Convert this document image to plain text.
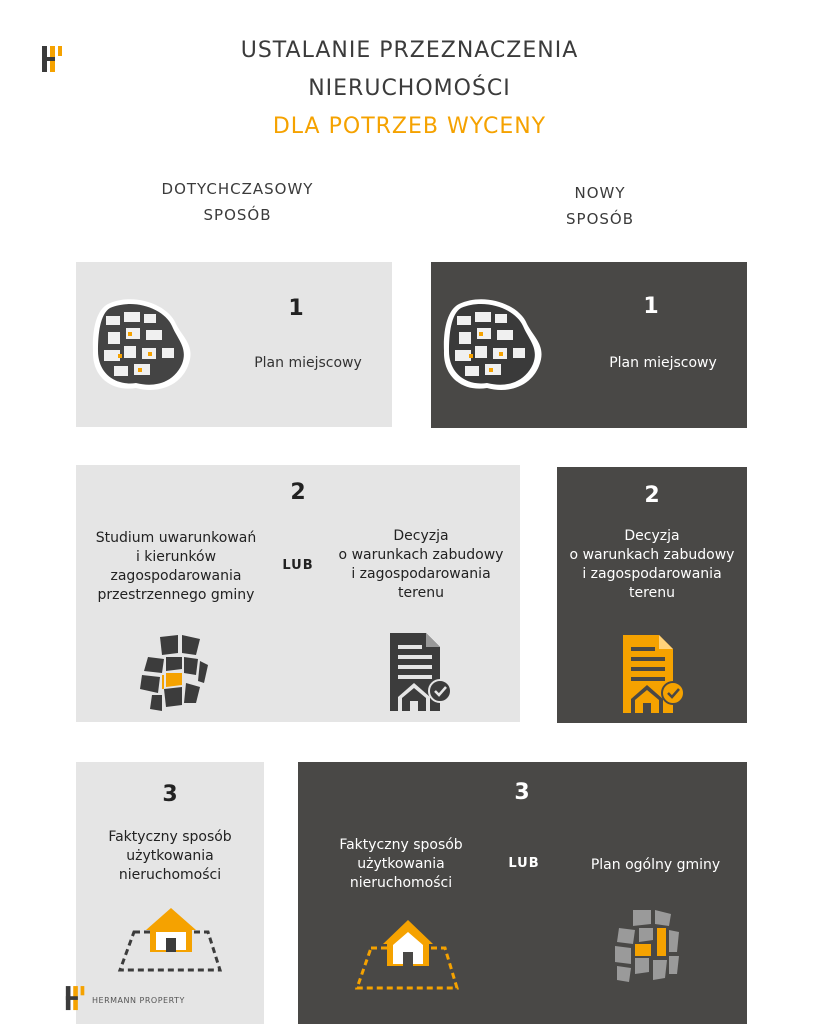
USTALANIE PRZEZNACZENIA
NIERUCHOMOŚCI
DLA POTRZEB WYCENY
DOTYCHCZASOWY
SPOSÓB
NOWY
SPOSÓB
1
Plan miejscowy
1
Plan miejscowy
2
Studium uwarunkowań
i kierunków
zagospodarowania
przestrzennego gminy
LUB
Decyzja
o warunkach zabudowy
i zagospodarowania
terenu
2
Decyzja
o warunkach zabudowy
i zagospodarowania
terenu
3
Faktyczny sposób
użytkowania
nieruchomości
HERMANN PROPERTY
3
Faktyczny sposób
użytkowania
nieruchomości
LUB	Plan ogólny gminy
